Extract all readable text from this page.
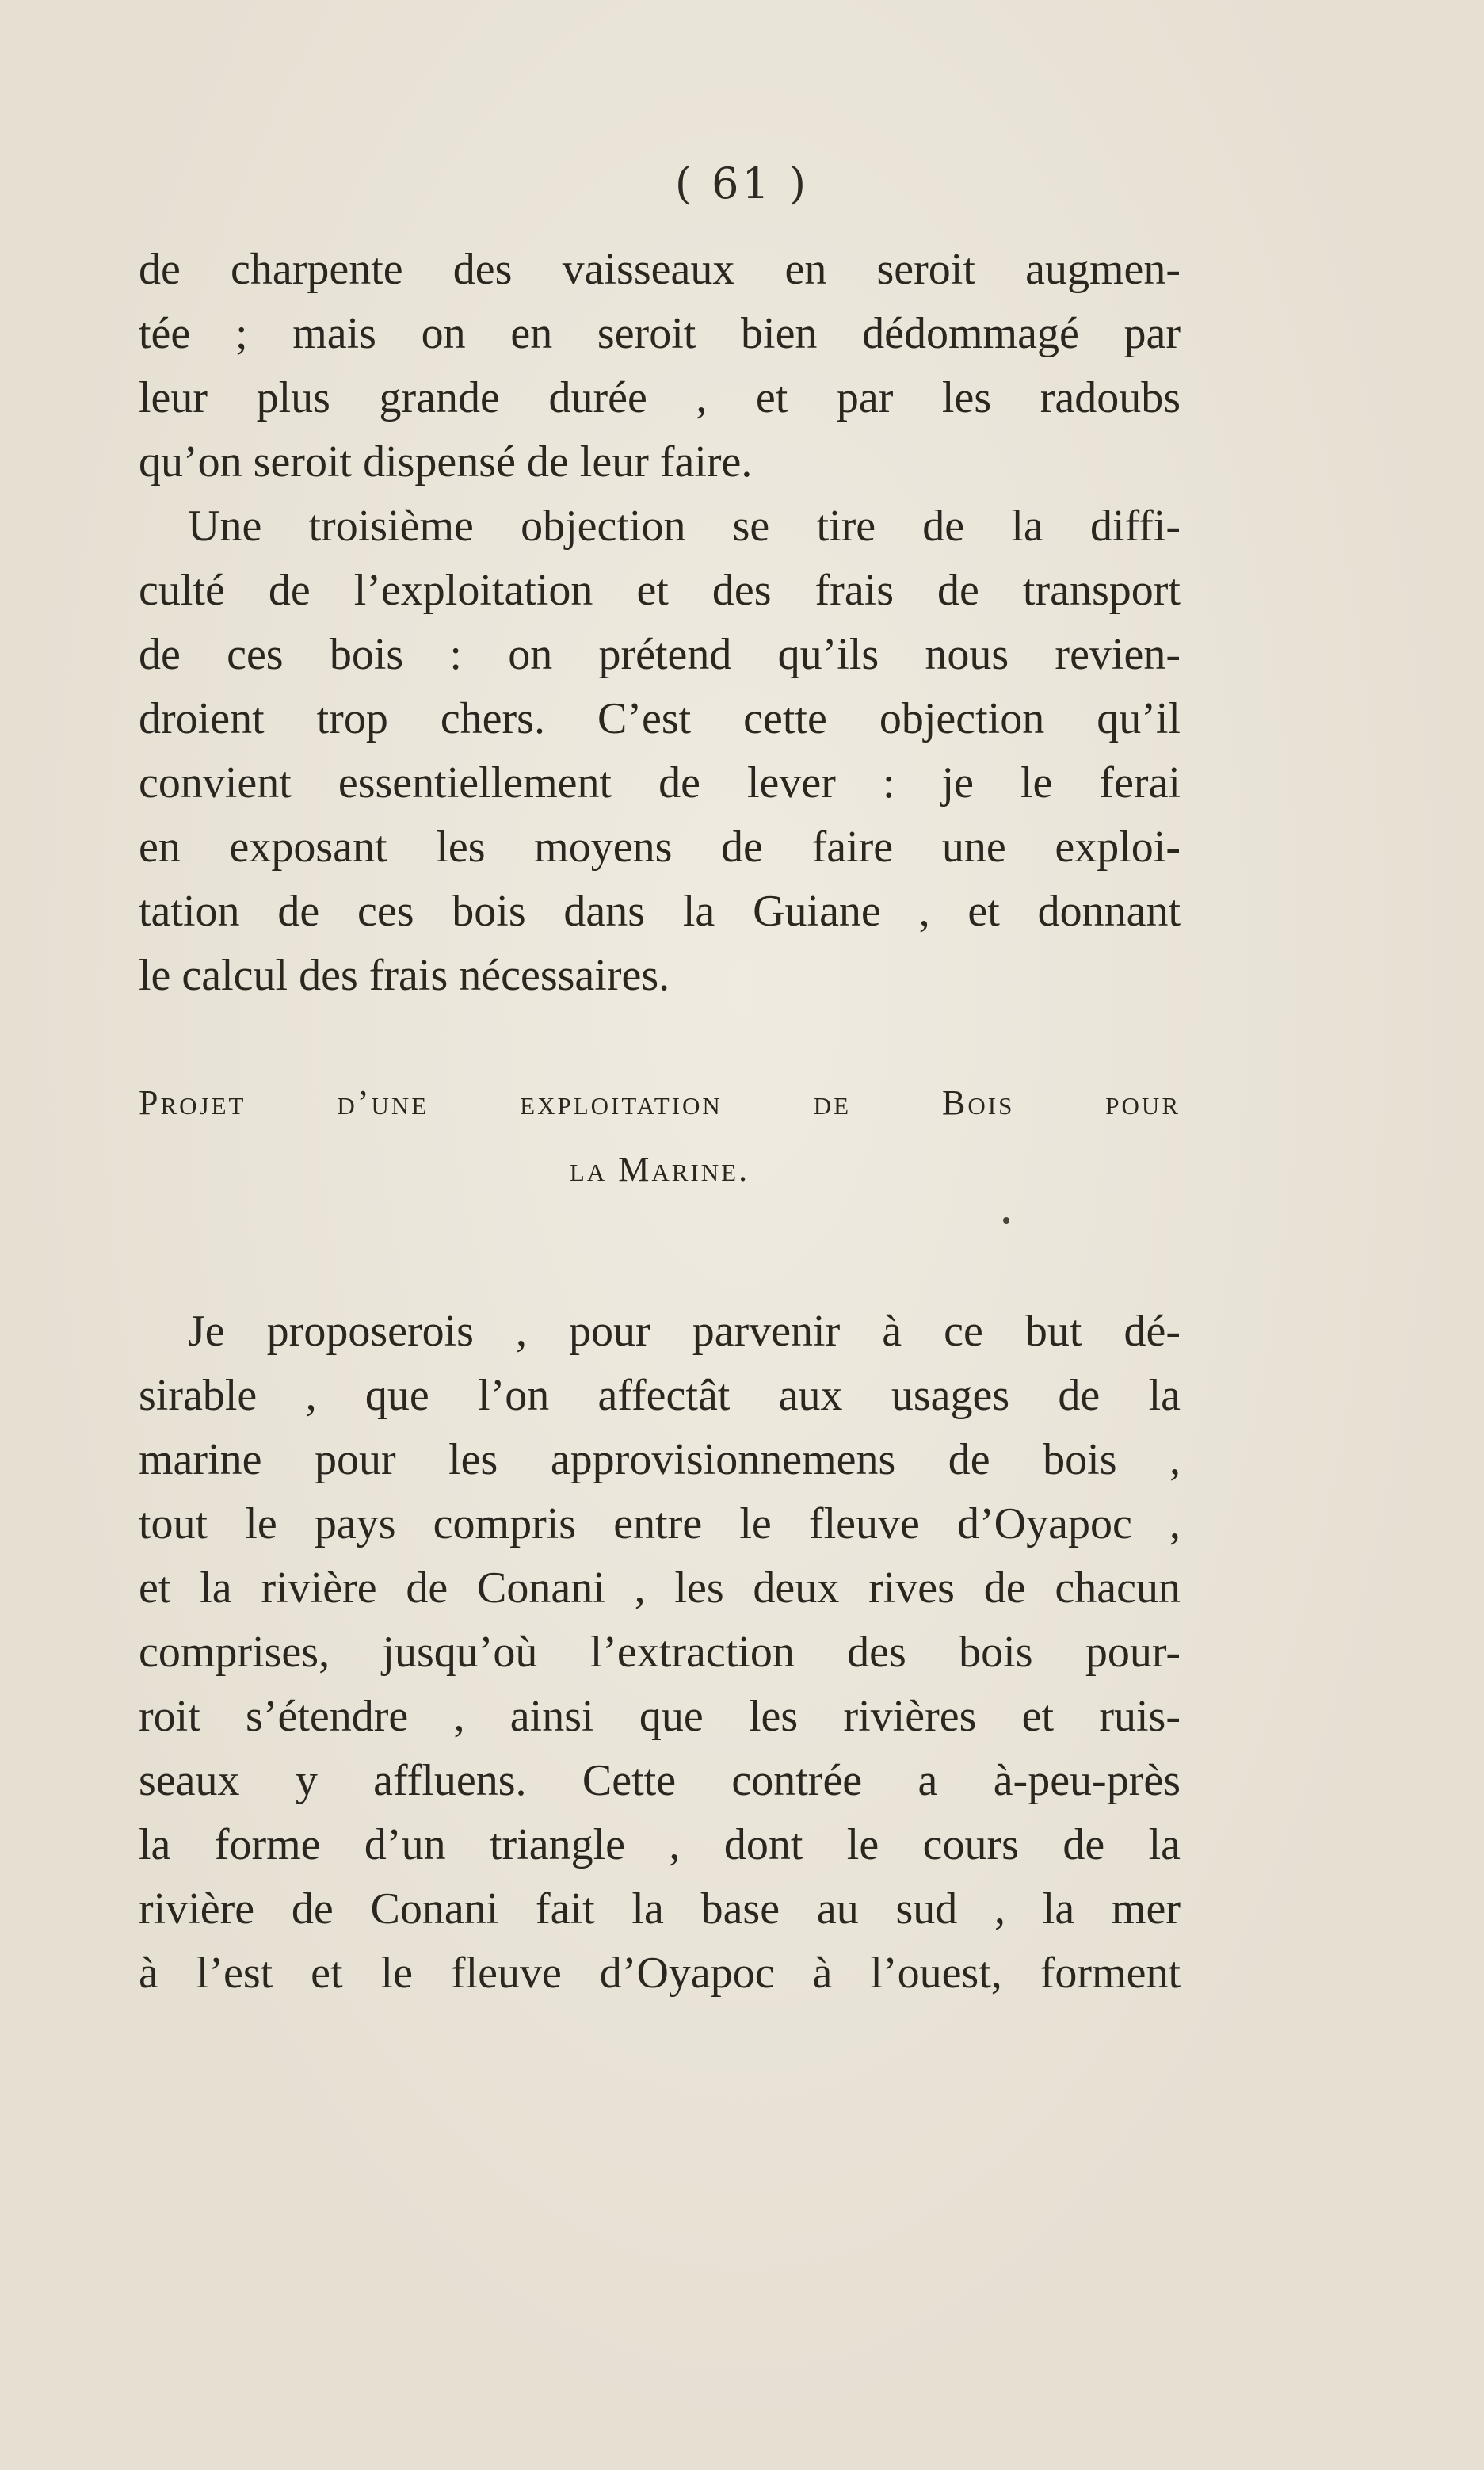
( 61 )
de charpente des vaisseaux en seroit augmen-
tée ; mais on en seroit bien dédommagé par
leur plus grande durée , et par les radoubs
qu’on seroit dispensé de leur faire.
Une troisième objection se tire de la diffi-
culté de l’exploitation et des frais de transport
de ces bois : on prétend qu’ils nous revien-
droient trop chers. C’est cette objection qu’il
convient essentiellement de lever : je le ferai
en exposant les moyens de faire une exploi-
tation de ces bois dans la Guiane , et donnant
le calcul des frais nécessaires.
Projet d’une exploitation de Bois pour
la Marine.
Je proposerois , pour parvenir à ce but dé-
sirable , que l’on affectât aux usages de la
marine pour les approvisionnemens de bois ,
tout le pays compris entre le fleuve d’Oyapoc ,
et la rivière de Conani , les deux rives de chacun
comprises, jusqu’où l’extraction des bois pour-
roit s’étendre , ainsi que les rivières et ruis-
seaux y affluens. Cette contrée a à-peu-près
la forme d’un triangle , dont le cours de la
rivière de Conani fait la base au sud , la mer
à l’est et le fleuve d’Oyapoc à l’ouest, forment
